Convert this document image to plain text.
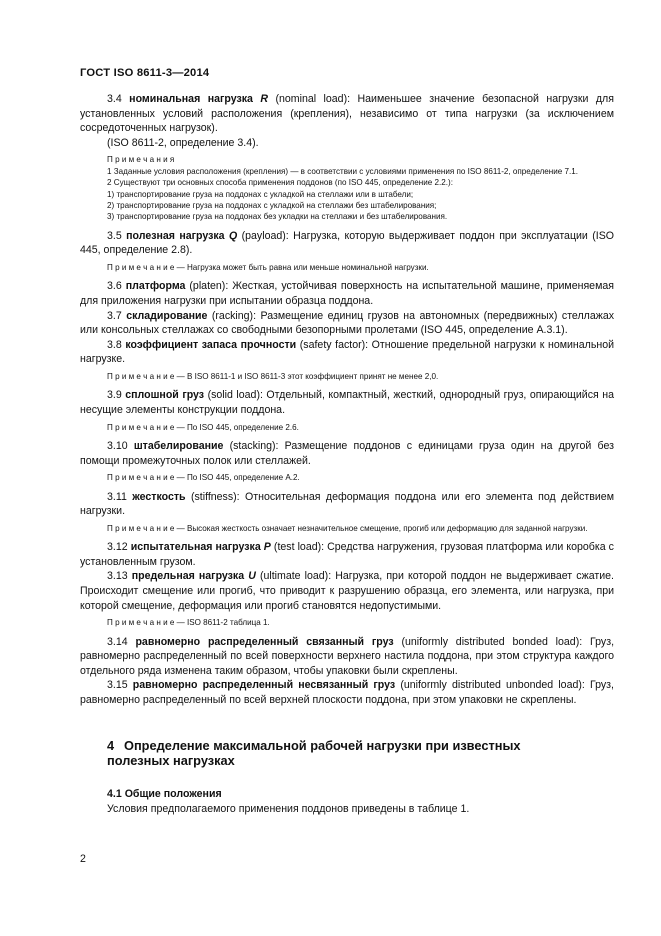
ГОСТ ISO 8611-3—2014

3.4 номинальная нагрузка R (nominal load): Наименьшее значение безопасной нагрузки для установленных условий расположения (крепления), независимо от типа нагрузки (за исключением сосредоточенных нагрузок).

(ISO 8611-2, определение 3.4).

П р и м е ч а н и я

1 Заданные условия расположения (крепления) — в соответствии с условиями применения по ISO 8611-2, определение 7.1.

2 Существуют три основных способа применения поддонов (по ISO 445, определение 2.2.):

1) транспортирование груза на поддонах с укладкой на стеллажи или в штабели;

2) транспортирование груза на поддонах с укладкой на стеллажи без штабелирования;

3) транспортирование груза на поддонах без укладки на стеллажи и без штабелирования.

3.5 полезная нагрузка Q (payload): Нагрузка, которую выдерживает поддон при эксплуатации (ISO 445, определение 2.8).

П р и м е ч а н и е — Нагрузка может быть равна или меньше номинальной нагрузки.

3.6 платформа (platen): Жесткая, устойчивая поверхность на испытательной машине, применяемая для приложения нагрузки при испытании образца поддона.

3.7 складирование (racking): Размещение единиц грузов на автономных (передвижных) стеллажах или консольных стеллажах со свободными безопорными пролетами (ISO 445, определение A.3.1).

3.8 коэффициент запаса прочности (safety factor): Отношение предельной нагрузки к номинальной нагрузке.

П р и м е ч а н и е — В ISO 8611-1 и ISO 8611-3 этот коэффициент принят не менее 2,0.

3.9 сплошной груз (solid load): Отдельный, компактный, жесткий, однородный груз, опирающийся на несущие элементы конструкции поддона.

П р и м е ч а н и е — По ISO 445, определение 2.6.

3.10 штабелирование (stacking): Размещение поддонов с единицами груза один на другой без помощи промежуточных полок или стеллажей.

П р и м е ч а н и е — По ISO 445, определение A.2.

3.11 жесткость (stiffness): Относительная деформация поддона или его элемента под действием нагрузки.

П р и м е ч а н и е — Высокая жесткость означает незначительное смещение, прогиб или деформацию для заданной нагрузки.

3.12 испытательная нагрузка P (test load): Средства нагружения, грузовая платформа или коробка с установленным грузом.

3.13 предельная нагрузка U (ultimate load): Нагрузка, при которой поддон не выдерживает сжатие. Происходит смещение или прогиб, что приводит к разрушению образца, его элемента, или нагрузка, при которой смещение, деформация или прогиб становятся недопустимыми.

П р и м е ч а н и е — ISO 8611-2 таблица 1.

3.14 равномерно распределенный связанный груз (uniformly distributed bonded load): Груз, равномерно распределенный по всей поверхности верхнего настила поддона, при этом структура каждого отдельного ряда изменена таким образом, чтобы упаковки были скреплены.

3.15 равномерно распределенный несвязанный груз (uniformly distributed unbonded load): Груз, равномерно распределенный по всей верхней плоскости поддона, при этом упаковки не скреплены.

4 Определение максимальной рабочей нагрузки при известных

полезных нагрузках

4.1 Общие положения

Условия предполагаемого применения поддонов приведены в таблице 1.

2
